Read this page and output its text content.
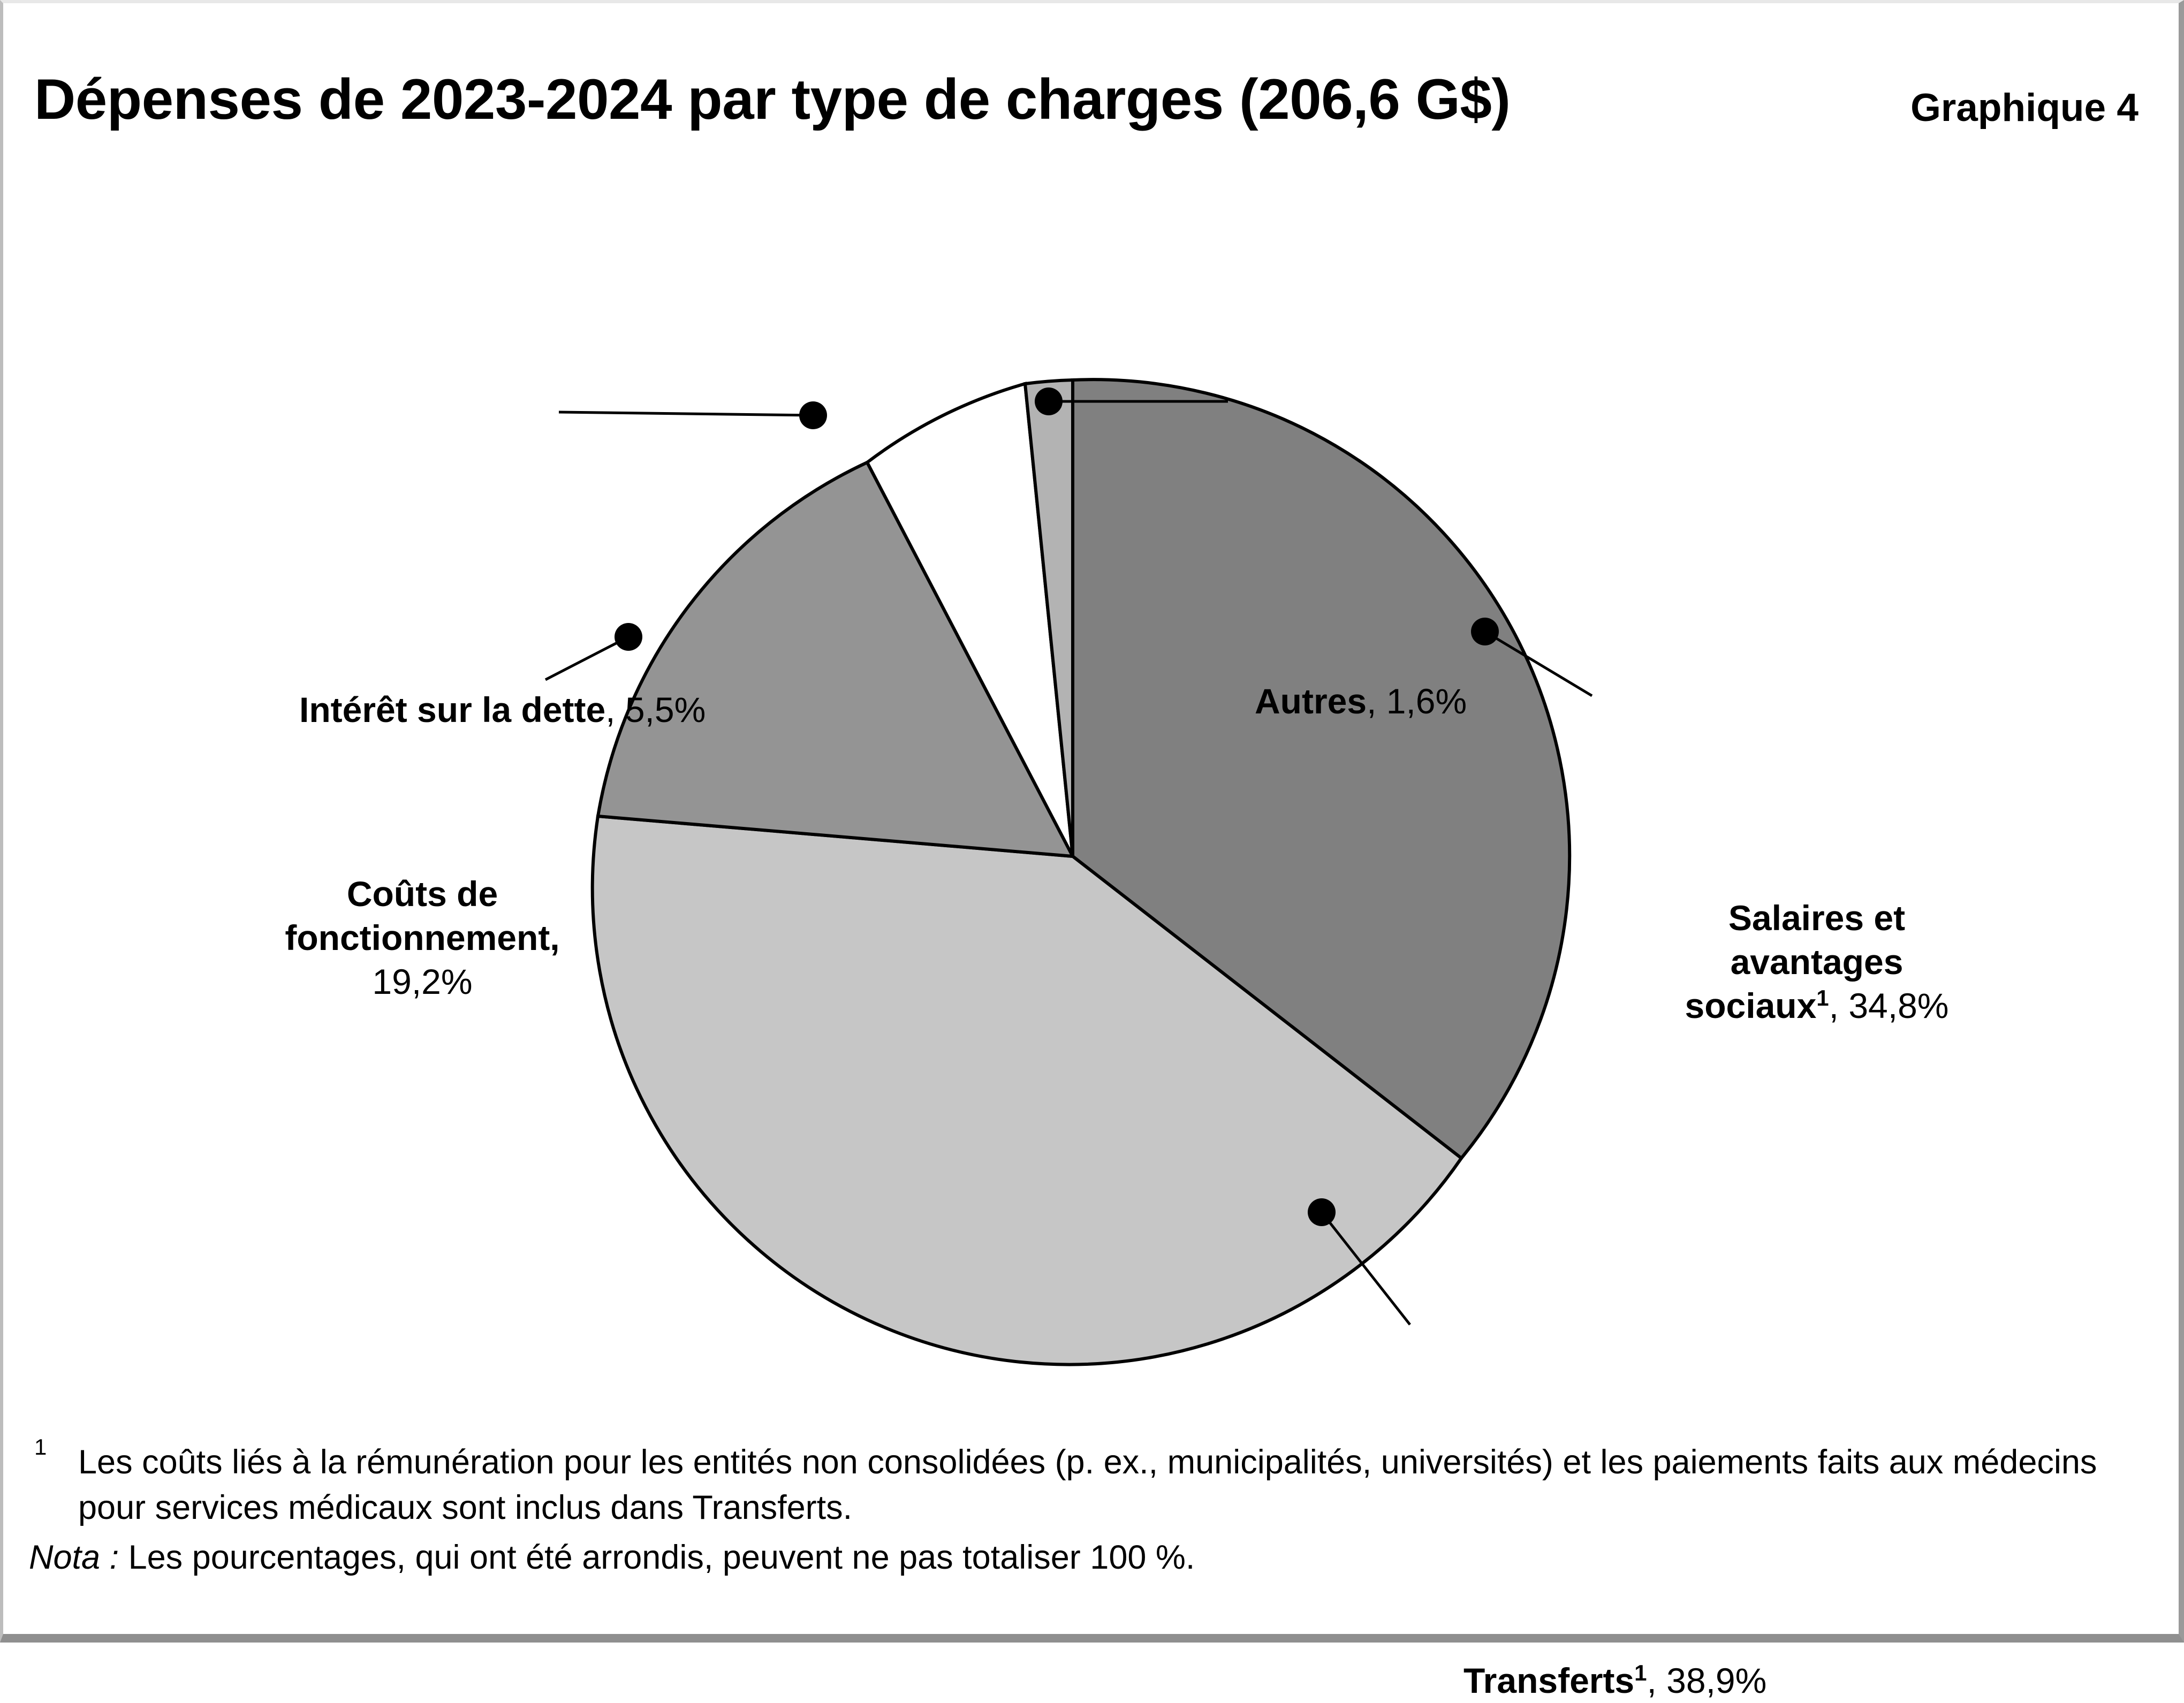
Dépenses de 2023-2024 par type de charges (206,6 G$)	Graphique 4
Intérêt sur la dette, 5,5%
Coûts de fonctionnement,
19,2%
Autres, 1,6%
Salaires et
avantages
sociaux$^1$, 34,8%
Transferts$^1$, 38,9%
1 Les coûts liés à la rémunération pour les entités non consolidées (p. ex., municipalités, universités) et les paiements faits aux médecins pour services médicaux sont inclus dans Transferts.
Nota : Les pourcentages, qui ont été arrondis, peuvent ne pas totaliser 100 %.
